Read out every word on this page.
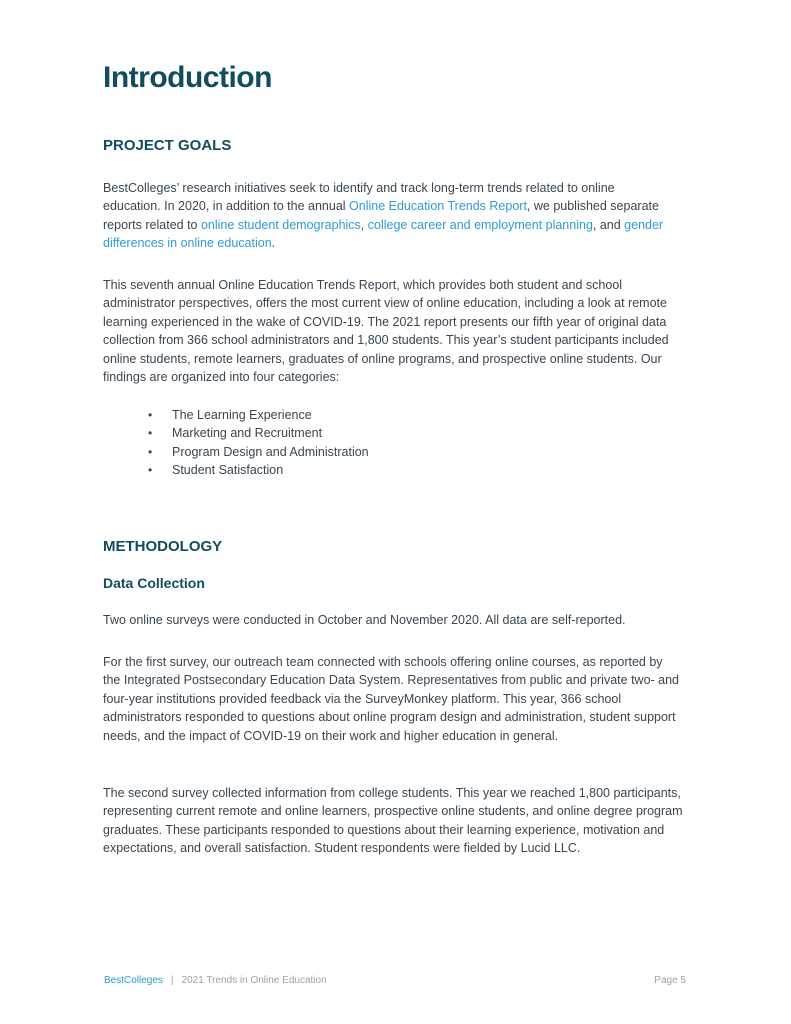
Introduction
PROJECT GOALS

BestColleges’ research initiatives seek to identify and track long-term trends related to online education. In 2020, in addition to the annual Online Education Trends Report, we published separate reports related to online student demographics, college career and employment planning, and gender differences in online education.

This seventh annual Online Education Trends Report, which provides both student and school administrator perspectives, offers the most current view of online education, including a look at remote learning experienced in the wake of COVID-19. The 2021 report presents our fifth year of original data collection from 366 school administrators and 1,800 students. This year’s student participants included online students, remote learners, graduates of online programs, and prospective online students. Our findings are organized into four categories:

• The Learning Experience
• Marketing and Recruitment
• Program Design and Administration
• Student Satisfaction
METHODOLOGY
Data Collection

Two online surveys were conducted in October and November 2020. All data are self-reported.

For the first survey, our outreach team connected with schools offering online courses, as reported by the Integrated Postsecondary Education Data System. Representatives from public and private two- and four-year institutions provided feedback via the SurveyMonkey platform. This year, 366 school administrators responded to questions about online program design and administration, student support needs, and the impact of COVID-19 on their work and higher education in general.

The second survey collected information from college students. This year we reached 1,800 participants, representing current remote and online learners, prospective online students, and online degree program graduates. These participants responded to questions about their learning experience, motivation and expectations, and overall satisfaction. Student respondents were fielded by Lucid LLC.

BestColleges | 2021 Trends in Online Education	Page 5
